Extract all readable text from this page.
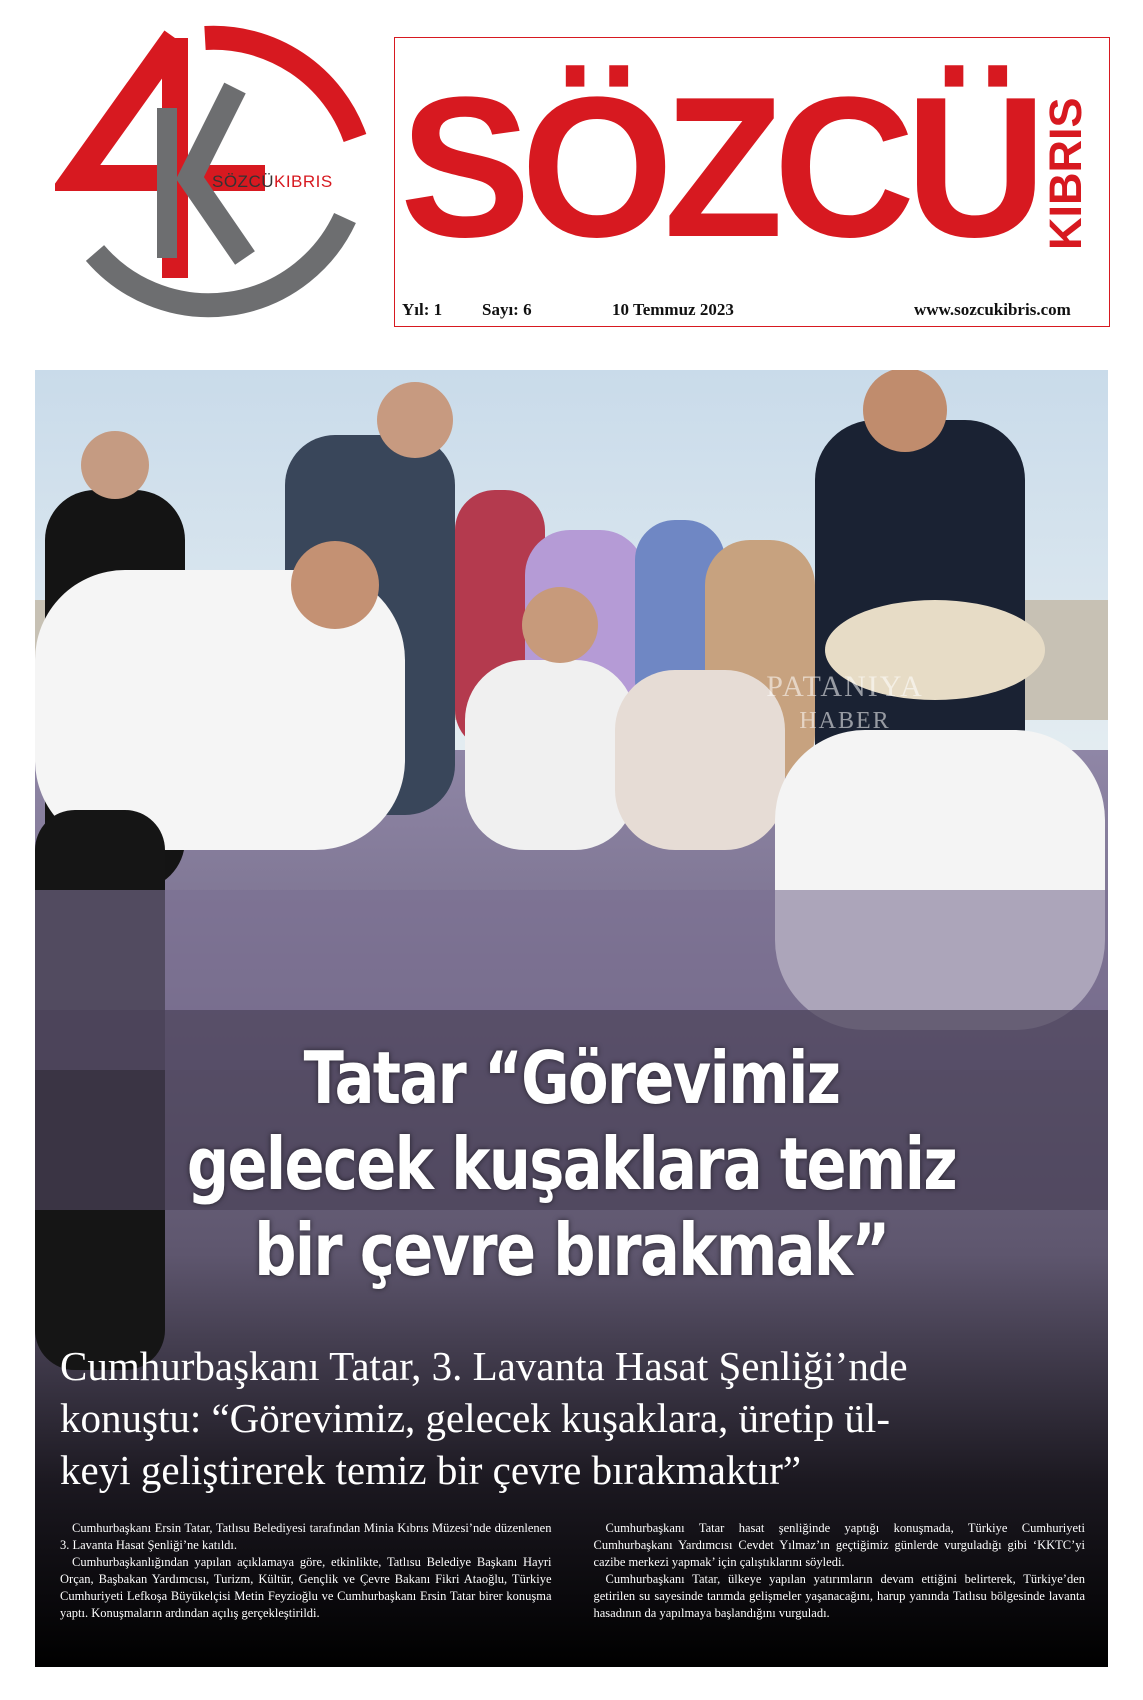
SÖZCÜKIBRIS SÖZCÜ KIBRIS
Yıl: 1 Sayı: 6	10 Temmuz 2023	www.sozcukibris.com
PATANIYA
HABER
Tatar “Görevimiz
gelecek kuşaklara temiz
bir çevre bırakmak”
Cumhurbaşkanı Tatar, 3. Lavanta Hasat Şenliği’nde
konuştu: “Görevimiz, gelecek kuşaklara, üretip ül-
keyi geliştirerek temiz bir çevre bırakmaktır”

Cumhurbaşkanı Ersin Tatar, Tatlısu Belediyesi tarafından Minia Kıbrıs Müzesi’nde düzenlenen 3. Lavanta Hasat Şenliği’ne katıldı.

Cumhurbaşkanlığından yapılan açıklamaya göre, etkinlikte, Tatlısu Belediye Başkanı Hayri Orçan, Başbakan Yardımcısı, Turizm, Kültür, Gençlik ve Çevre Bakanı Fikri Ataoğlu, Türkiye Cumhuriyeti Lefkoşa Büyükelçisi Metin Feyzioğlu ve Cumhurbaşkanı Ersin Tatar birer konuşma yaptı. Konuşmaların ardından açılış gerçekleştirildi.

Cumhurbaşkanı Tatar hasat şenliğinde yaptığı konuşmada, Türkiye Cumhuriyeti Cumhurbaşkanı Yardımcısı Cevdet Yılmaz’ın geçtiğimiz günlerde vurguladığı gibi ‘KKTC’yi cazibe merkezi yapmak’ için çalıştıklarını söyledi.

Cumhurbaşkanı Tatar, ülkeye yapılan yatırımların devam ettiğini belirterek, Türkiye’den getirilen su sayesinde tarımda gelişmeler yaşanacağını, harup yanında Tatlısu bölgesinde lavanta hasadının da yapılmaya başlandığını vurguladı.
